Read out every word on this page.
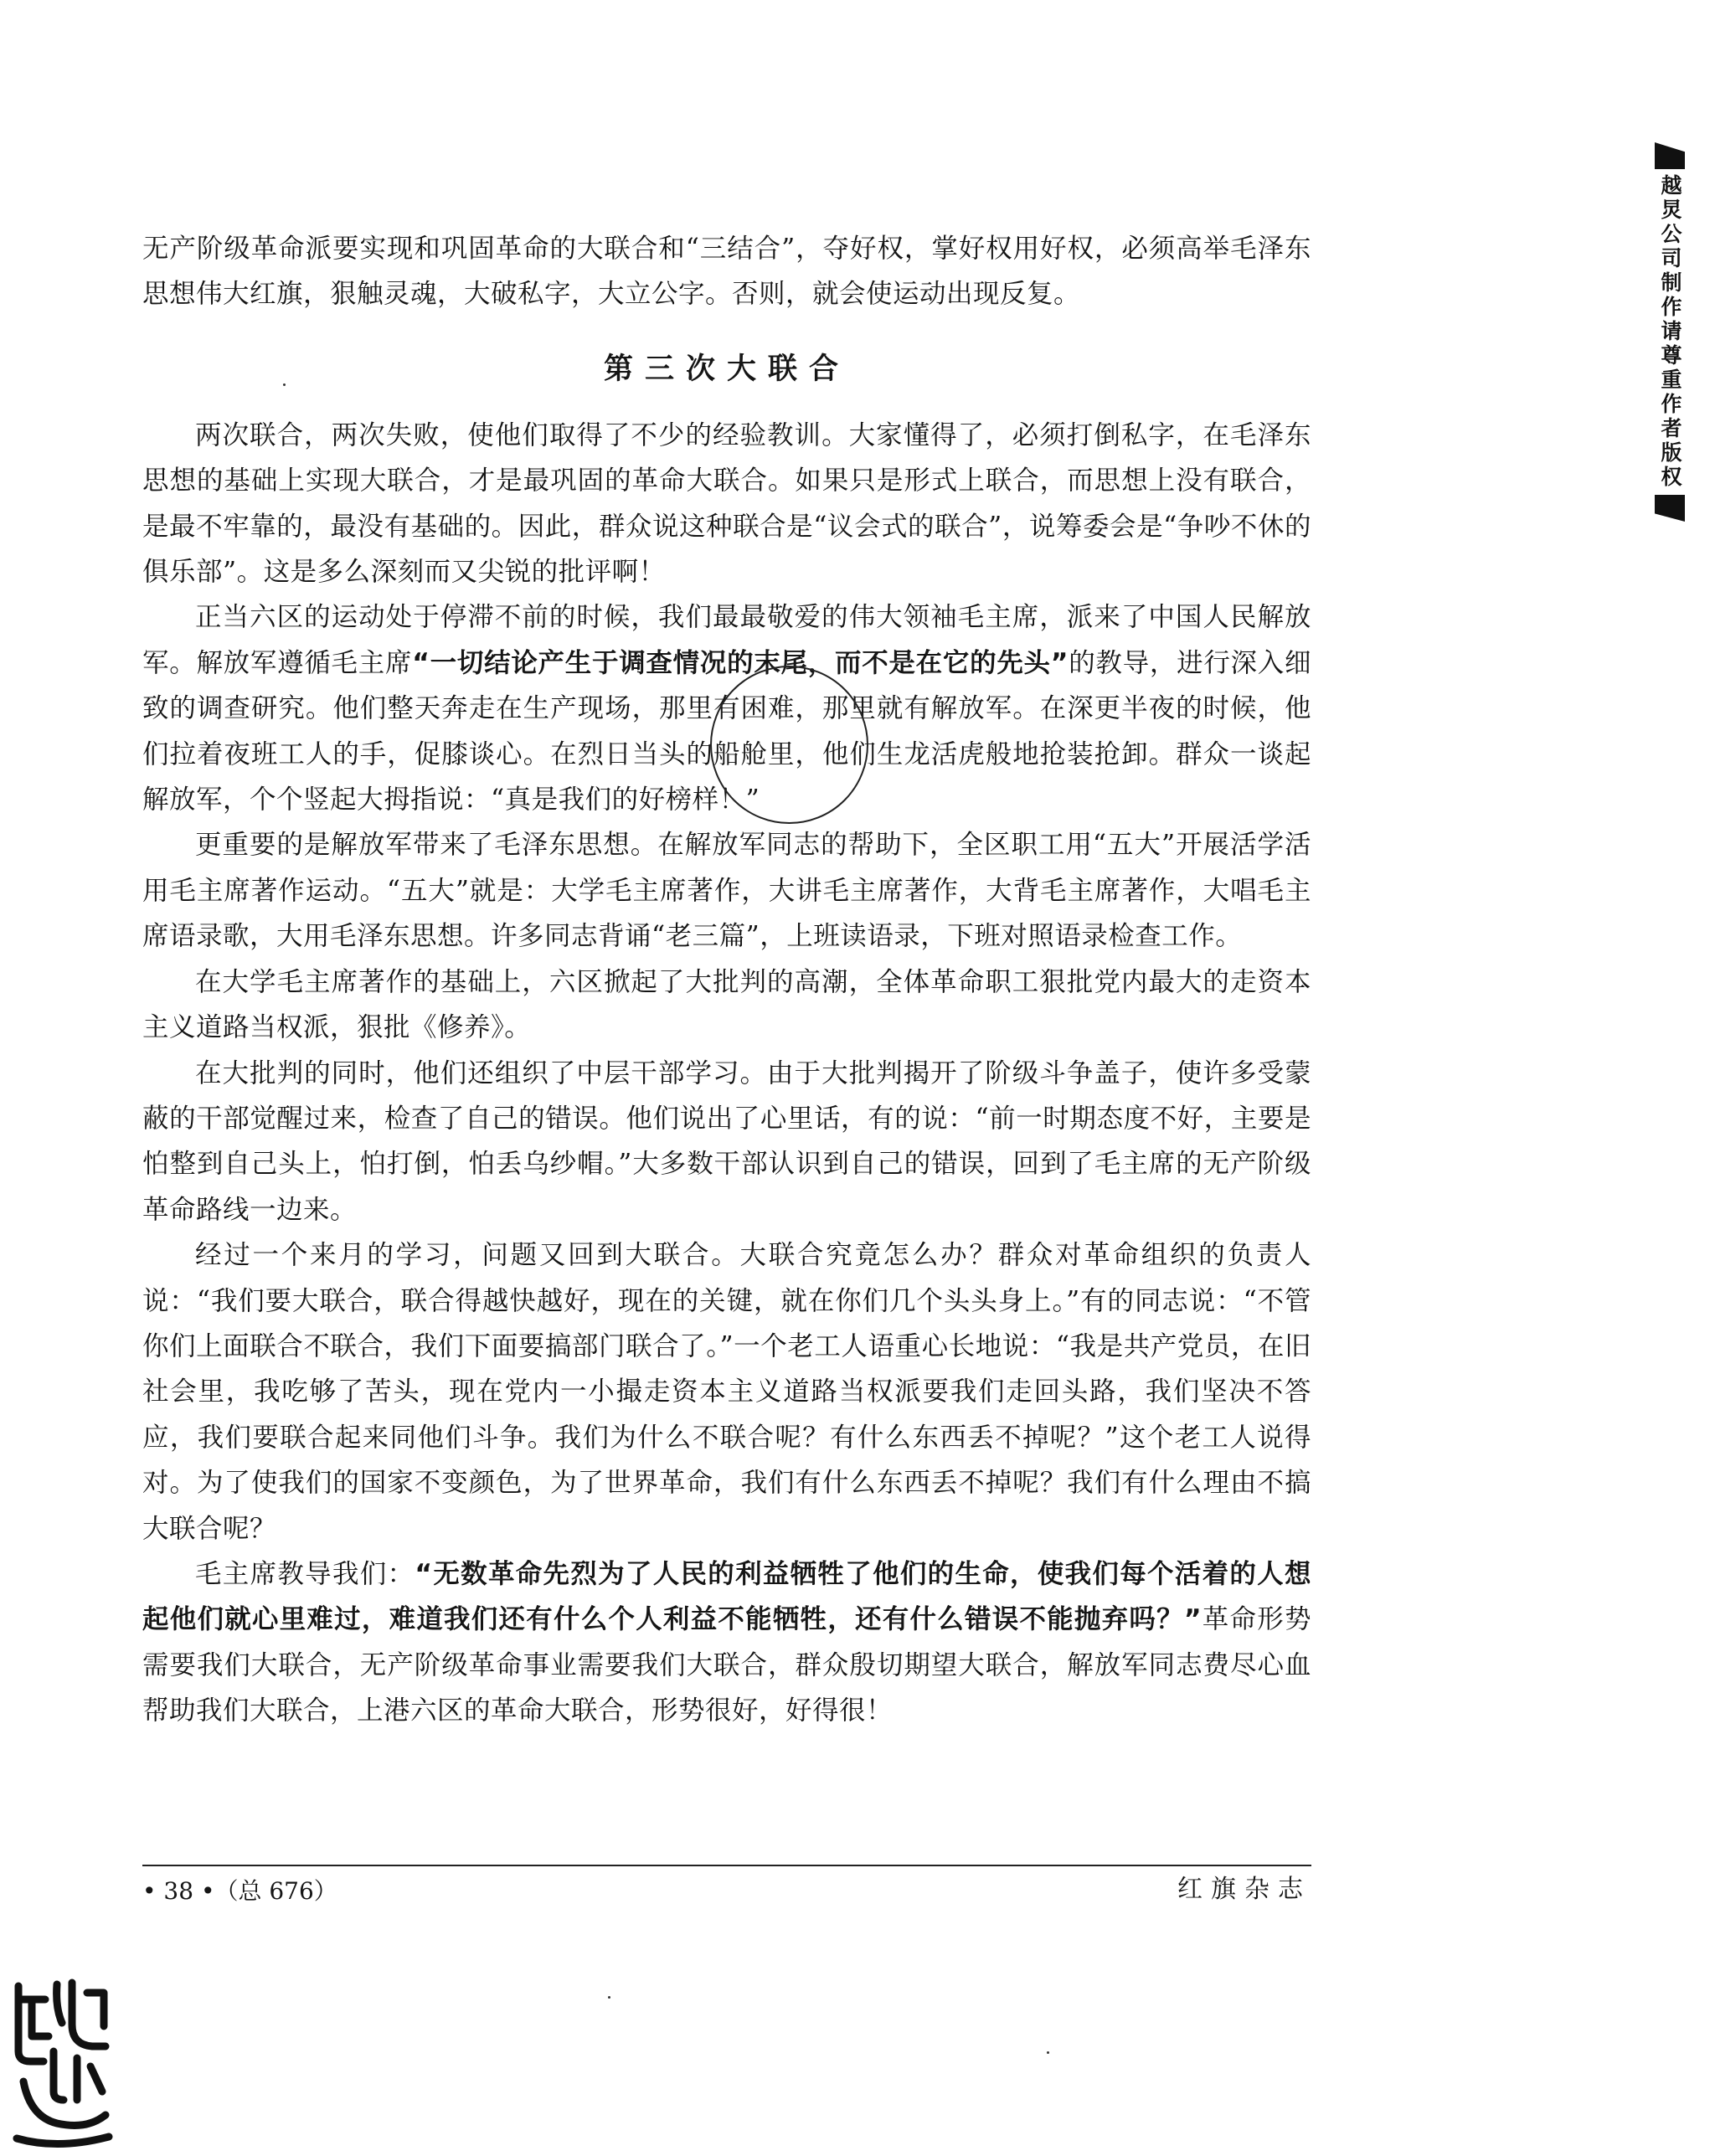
越炅公司制作请尊重作者版权

无产阶级革命派要实现和巩固革命的大联合和“三结合”，夺好权，掌好权用好权，必须高举毛泽东思想伟大红旗，狠触灵魂，大破私字，大立公字。否则，就会使运动出现反复。

第三次大联合

两次联合，两次失败，使他们取得了不少的经验教训。大家懂得了，必须打倒私字，在毛泽东思想的基础上实现大联合，才是最巩固的革命大联合。如果只是形式上联合，而思想上没有联合，是最不牢靠的，最没有基础的。因此，群众说这种联合是“议会式的联合”，说筹委会是“争吵不休的俱乐部”。这是多么深刻而又尖锐的批评啊！

正当六区的运动处于停滞不前的时候，我们最最敬爱的伟大领袖毛主席，派来了中国人民解放军。解放军遵循毛主席“一切结论产生于调查情况的末尾，而不是在它的先头”的教导，进行深入细致的调查研究。他们整天奔走在生产现场，那里有困难，那里就有解放军。在深更半夜的时候，他们拉着夜班工人的手，促膝谈心。在烈日当头的船舱里，他们生龙活虎般地抢装抢卸。群众一谈起解放军，个个竖起大拇指说：“真是我们的好榜样！”

更重要的是解放军带来了毛泽东思想。在解放军同志的帮助下，全区职工用“五大”开展活学活用毛主席著作运动。“五大”就是：大学毛主席著作，大讲毛主席著作，大背毛主席著作，大唱毛主席语录歌，大用毛泽东思想。许多同志背诵“老三篇”，上班读语录，下班对照语录检查工作。

在大学毛主席著作的基础上，六区掀起了大批判的高潮，全体革命职工狠批党内最大的走资本主义道路当权派，狠批《修养》。

在大批判的同时，他们还组织了中层干部学习。由于大批判揭开了阶级斗争盖子，使许多受蒙蔽的干部觉醒过来，检查了自己的错误。他们说出了心里话，有的说：“前一时期态度不好，主要是怕整到自己头上，怕打倒，怕丢乌纱帽。”大多数干部认识到自己的错误，回到了毛主席的无产阶级革命路线一边来。

经过一个来月的学习，问题又回到大联合。大联合究竟怎么办？群众对革命组织的负责人说：“我们要大联合，联合得越快越好，现在的关键，就在你们几个头头身上。”有的同志说：“不管你们上面联合不联合，我们下面要搞部门联合了。”一个老工人语重心长地说：“我是共产党员，在旧社会里，我吃够了苦头，现在党内一小撮走资本主义道路当权派要我们走回头路，我们坚决不答应，我们要联合起来同他们斗争。我们为什么不联合呢？有什么东西丢不掉呢？”这个老工人说得对。为了使我们的国家不变颜色，为了世界革命，我们有什么东西丢不掉呢？我们有什么理由不搞大联合呢？

毛主席教导我们：“无数革命先烈为了人民的利益牺牲了他们的生命，使我们每个活着的人想起他们就心里难过，难道我们还有什么个人利益不能牺牲，还有什么错误不能抛弃吗？”革命形势需要我们大联合，无产阶级革命事业需要我们大联合，群众殷切期望大联合，解放军同志费尽心血帮助我们大联合，上港六区的革命大联合，形势很好，好得很！

• 38 •（总 676）	红旗杂志
